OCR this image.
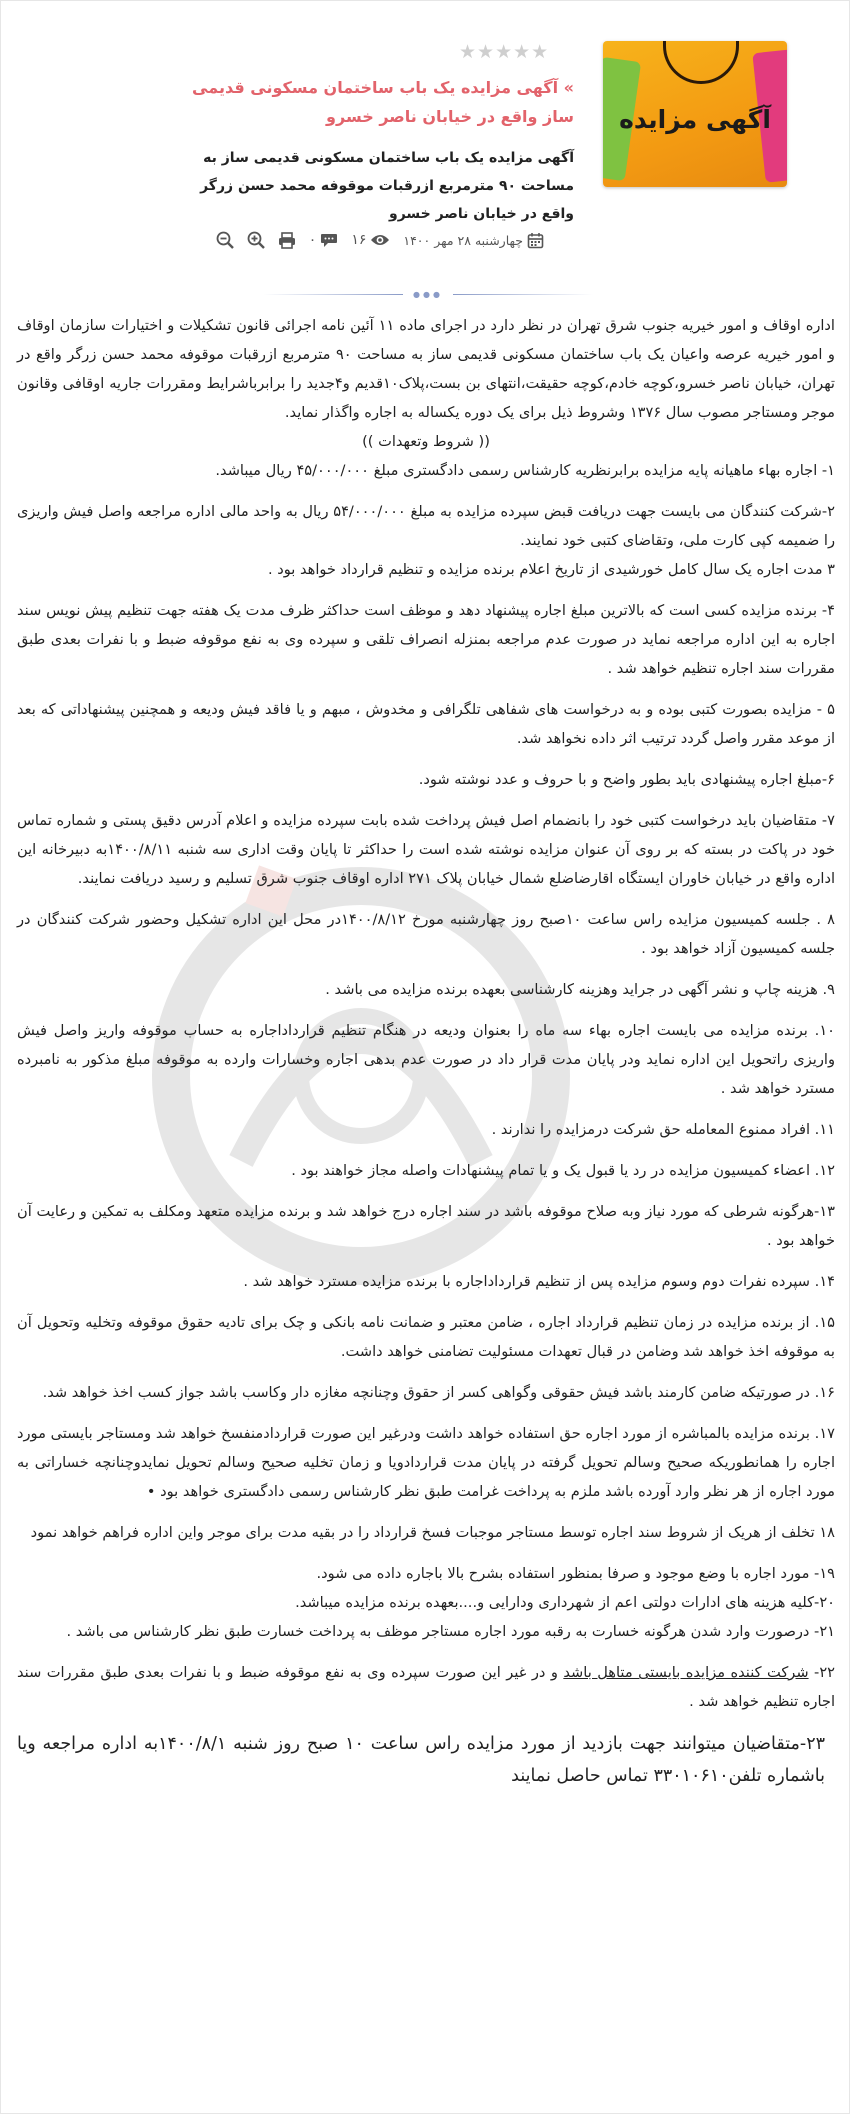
آگهی مزایده
★★★★★
» آگهی مزایده یک باب ساختمان مسکونی قدیمی ساز واقع در خیابان ناصر خسرو
آگهی مزایده یک باب ساختمان مسکونی قدیمی ساز به مساحت ۹۰ مترمربع ازرقبات موقوفه محمد حسن زرگر واقع در خیابان ناصر خسرو
چهارشنبه ۲۸ مهر ۱۴۰۰
۱۶
۰
●●●

اداره اوقاف و امور خیریه جنوب شرق تهران در نظر دارد در اجرای ماده ۱۱ آئین نامه اجرائی قانون تشکیلات و اختیارات سازمان اوقاف و امور خیریه عرصه واعیان یک باب ساختمان مسکونی قدیمی ساز به مساحت ۹۰ مترمربع ازرقبات موقوفه محمد حسن زرگر واقع در تهران، خیابان ناصر خسرو،کوچه خادم،کوچه حقیقت،انتهای بن بست،پلاک۱۰قدیم و۴جدید را برابرباشرایط ومقررات جاریه اوقافی وقانون موجر ومستاجر مصوب سال ۱۳۷۶ وشروط ذیل برای یک دوره یکساله به اجاره واگذار نماید.

(( شروط وتعهدات ))

۱- اجاره بهاء ماهیانه پایه مزایده برابرنظریه کارشناس رسمی دادگستری مبلغ ۴۵/۰۰۰/۰۰۰ ریال میباشد.

۲-شرکت کنندگان می بایست جهت دریافت قبض سپرده مزایده به مبلغ ۵۴/۰۰۰/۰۰۰ ریال به واحد مالی اداره مراجعه واصل فیش واریزی را ضمیمه کپی کارت ملی، وتقاضای کتبی خود نمایند.

۳ مدت اجاره یک سال کامل خورشیدی از تاریخ اعلام برنده مزایده و تنظیم قرارداد خواهد بود .

۴- برنده مزایده کسی است که بالاترین مبلغ اجاره پیشنهاد دهد و موظف است حداکثر ظرف مدت یک هفته جهت تنظیم پیش نویس سند اجاره به این اداره مراجعه نماید در صورت عدم مراجعه بمنزله انصراف تلقی و سپرده وی به نفع موقوفه ضبط و با نفرات بعدی طبق مقررات سند اجاره تنظیم خواهد شد .

۵ - مزایده بصورت کتبی بوده و به درخواست های شفاهی تلگرافی و مخدوش ، مبهم و یا فاقد فیش ودیعه و همچنین پیشنهاداتی که بعد از موعد مقرر واصل گردد ترتیب اثر داده نخواهد شد.

۶-مبلغ اجاره پیشنهادی باید بطور واضح و با حروف و عدد نوشته شود.

۷- متقاضیان باید درخواست کتبی خود را بانضمام اصل فیش پرداخت شده بابت سپرده مزایده و اعلام آدرس دقیق پستی و شماره تماس خود در پاکت در بسته که بر روی آن عنوان مزایده نوشته شده است را حداکثر تا پایان وقت اداری سه شنبه ۱۴۰۰/۸/۱۱به دبیرخانه این اداره واقع در خیابان خاوران ایستگاه اقارضاضلع شمال خیابان پلاک ۲۷۱ اداره اوقاف جنوب شرق تسلیم و رسید دریافت نمایند.

۸ . جلسه کمیسیون مزایده راس ساعت ۱۰صبح روز چهارشنبه مورخ ۱۴۰۰/۸/۱۲در محل این اداره تشکیل وحضور شرکت کنندگان در جلسه کمیسیون آزاد خواهد بود .

۹. هزینه چاپ و نشر آگهی در جراید وهزینه کارشناسی بعهده برنده مزایده می باشد .

۱۰. برنده مزایده می بایست اجاره بهاء سه ماه را بعنوان ودیعه در هنگام تنظیم قرارداداجاره به حساب موقوفه واریز واصل فیش واریزی راتحویل این اداره نماید ودر پایان مدت قرار داد در صورت عدم بدهی اجاره وخسارات وارده به موقوفه مبلغ مذکور به نامبرده مسترد خواهد شد .

۱۱. افراد ممنوع المعامله حق شرکت درمزایده را ندارند .

۱۲. اعضاء کمیسیون مزایده در رد یا قبول یک و یا تمام پیشنهادات واصله مجاز خواهند بود .

۱۳-هرگونه شرطی که مورد نیاز وبه صلاح موقوفه باشد در سند اجاره درج خواهد شد و برنده مزایده متعهد ومکلف به تمکین و رعایت آن خواهد بود .

۱۴. سپرده نفرات دوم وسوم مزایده پس از تنظیم قرارداداجاره با برنده مزایده مسترد خواهد شد .

۱۵. از برنده مزایده در زمان تنظیم قرارداد اجاره ، ضامن معتبر و ضمانت نامه بانکی و چک برای تادیه حقوق موقوفه وتخلیه وتحویل آن به موقوفه اخذ خواهد شد وضامن در قبال تعهدات مسئولیت تضامنی خواهد داشت.

۱۶. در صورتیکه ضامن کارمند باشد فیش حقوقی وگواهی کسر از حقوق وچنانچه مغازه دار وکاسب باشد جواز کسب اخذ خواهد شد.

۱۷. برنده مزایده بالمباشره از مورد اجاره حق استفاده خواهد داشت ودرغیر این صورت قراردادمنفسخ خواهد شد ومستاجر بایستی مورد اجاره را همانطوریکه صحیح وسالم تحویل گرفته در پایان مدت قراردادویا و زمان تخلیه صحیح وسالم تحویل نمایدوچنانچه خساراتی به مورد اجاره از هر نظر وارد آورده باشد ملزم به پرداخت غرامت طبق نظر کارشناس رسمی دادگستری خواهد بود •

۱۸ تخلف از هریک از شروط سند اجاره توسط مستاجر موجبات فسخ قرارداد را در بقیه مدت برای موجر واین اداره فراهم خواهد نمود

۱۹- مورد اجاره با وضع موجود و صرفا بمنظور استفاده بشرح بالا باجاره داده می شود.

۲۰-کلیه هزینه های ادارات دولتی اعم از شهرداری ودارایی و....بعهده برنده مزایده میباشد.

۲۱- درصورت وارد شدن هرگونه خسارت به رقبه مورد اجاره مستاجر موظف به پرداخت خسارت طبق نظر کارشناس می باشد .

۲۲- شرکت کننده مزایده بایستی متاهل باشد و در غیر این صورت سپرده وی به نفع موقوفه ضبط و با نفرات بعدی طبق مقررات سند اجاره تنظیم خواهد شد .

۲۳-متقاضیان میتوانند جهت بازدید از مورد مزایده راس ساعت ۱۰ صبح روز شنبه ۱۴۰۰/۸/۱به اداره مراجعه ویا باشماره تلفن۳۳۰۱۰۶۱۰ تماس حاصل نمایند
